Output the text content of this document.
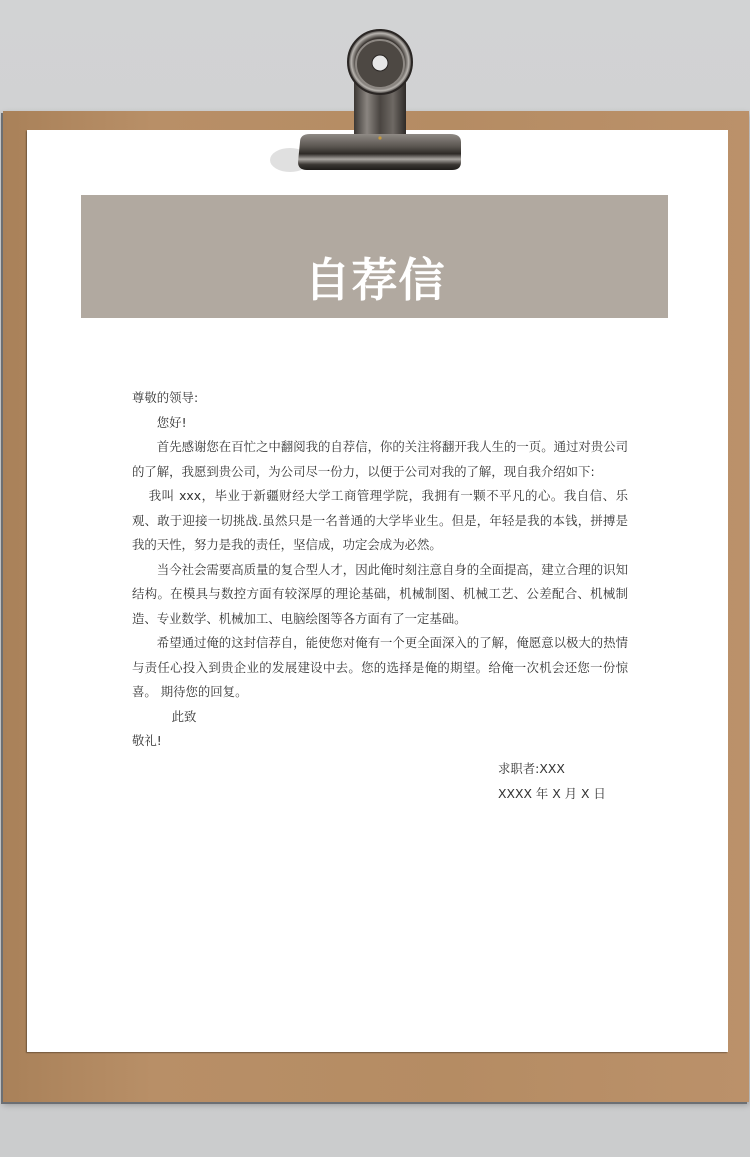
自荐信

尊敬的领导:

您好!

首先感谢您在百忙之中翻阅我的自荐信，你的关注将翻开我人生的一页。通过对贵公司的了解，我愿到贵公司，为公司尽一份力，以便于公司对我的了解，现自我介绍如下:

我叫 xxx，毕业于新疆财经大学工商管理学院，我拥有一颗不平凡的心。我自信、乐观、敢于迎接一切挑战.虽然只是一名普通的大学毕业生。但是，年轻是我的本钱，拼搏是我的天性，努力是我的责任，坚信成，功定会成为必然。

当今社会需要高质量的复合型人才，因此俺时刻注意自身的全面提高，建立合理的识知结构。在模具与数控方面有较深厚的理论基础，机械制图、机械工艺、公差配合、机械制造、专业数学、机械加工、电脑绘图等各方面有了一定基础。

希望通过俺的这封信荐自，能使您对俺有一个更全面深入的了解，俺愿意以极大的热情与责任心投入到贵企业的发展建设中去。您的选择是俺的期望。给俺一次机会还您一份惊喜。 期待您的回复。

此致

敬礼!

求职者:XXX
XXXX 年 X 月 X 日
